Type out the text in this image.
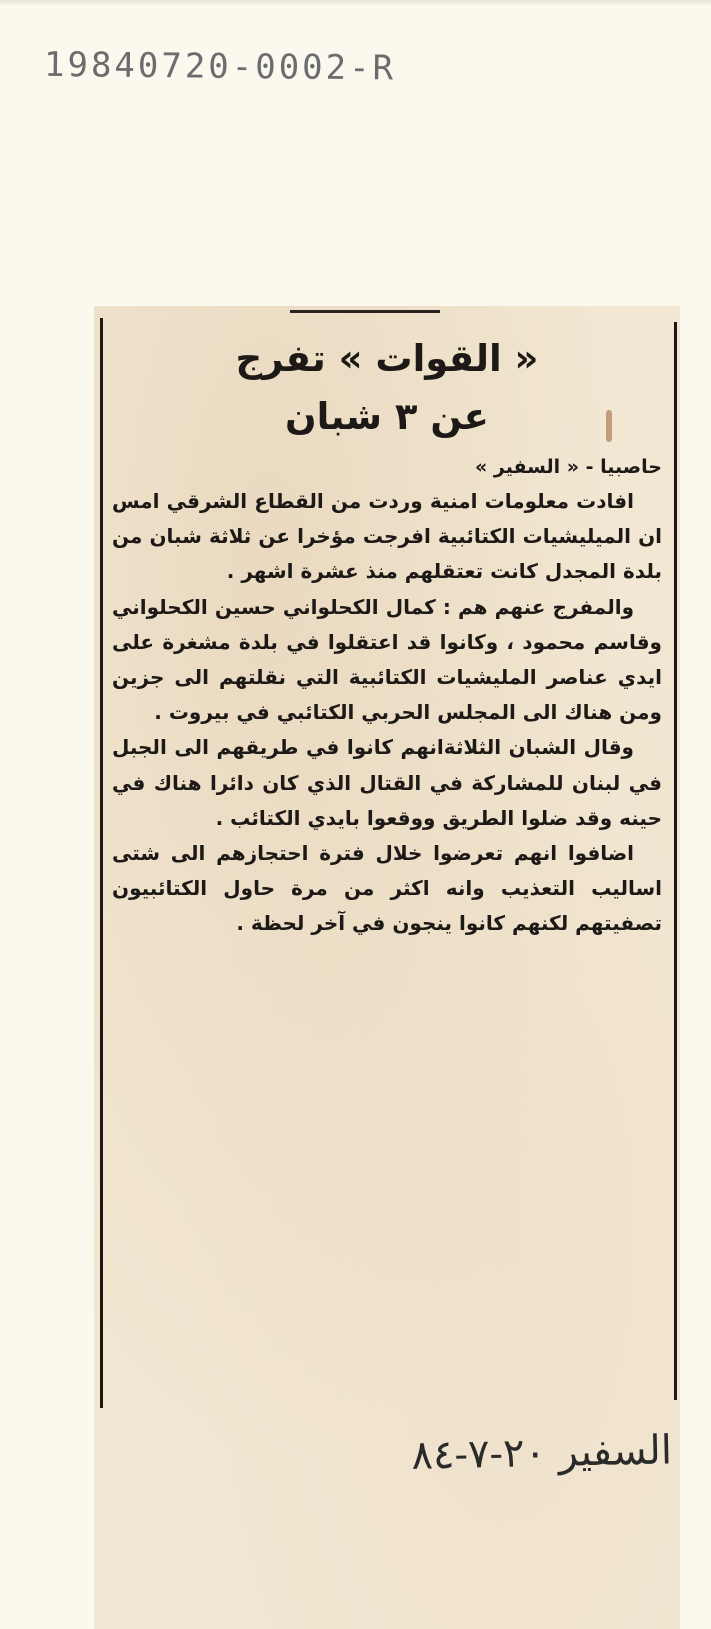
19840720-0002-R
« القوات » تفرج
عن ٣ شبان
حاصبيا - « السفير »

افادت معلومات امنية وردت من القطاع الشرقي امس ان الميليشيات الكتائبية افرجت مؤخرا عن ثلاثة شبان من بلدة المجدل كانت تعتقلهم منذ عشرة اشهر .

والمفرج عنهم هم : كمال الكحلواني حسين الكحلواني وقاسم محمود ، وكانوا قد اعتقلوا في بلدة مشغرة على ايدي عناصر المليشيات الكتائبية التي نقلتهم الى جزين ومن هناك الى المجلس الحربي الكتائبي في بيروت .

وقال الشبان الثلاثةانهم كانوا في طريقهم الى الجبل في لبنان للمشاركة في القتال الذي كان دائرا هناك في حينه وقد ضلوا الطريق ووقعوا بايدي الكتائب .

اضافوا انهم تعرضوا خلال فترة احتجازهم الى شتى اساليب التعذيب وانه اكثر من مرة حاول الكتائبيون تصفيتهم لكنهم كانوا ينجون في آخر لحظة .

السفير ٢٠-٧-٨٤
